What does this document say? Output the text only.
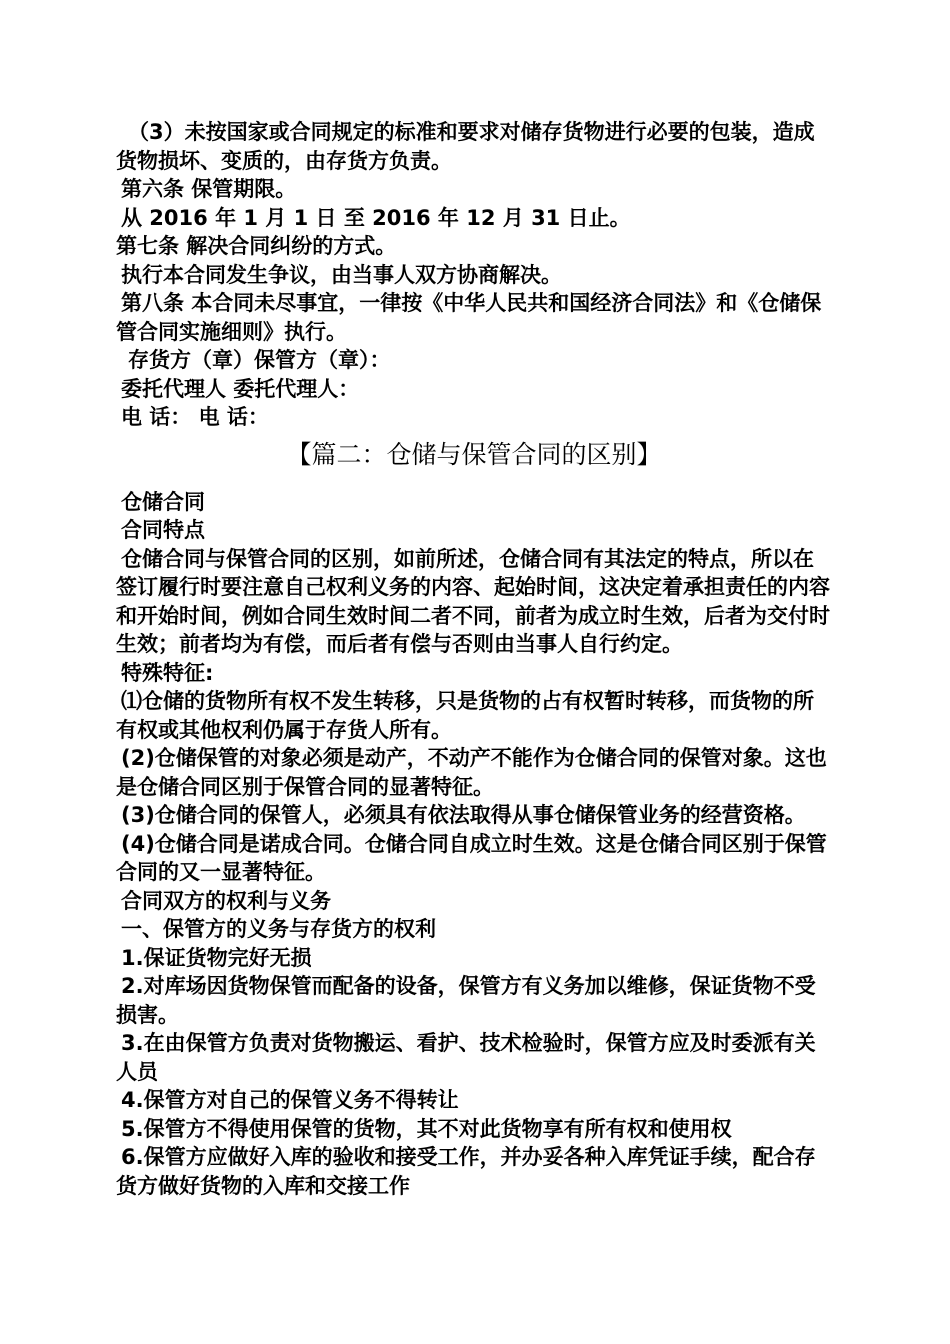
（3）未按国家或合同规定的标准和要求对储存货物进行必要的包装，造成货物损坏、变质的，由存货方负责。

第六条 保管期限。

从 2016 年 1 月 1 日 至 2016 年 12 月 31 日止。

第七条 解决合同纠纷的方式。

执行本合同发生争议，由当事人双方协商解决。

第八条 本合同未尽事宜，一律按《中华人民共和国经济合同法》和《仓储保管合同实施细则》执行。

存货方（章）保管方（章）：

委托代理人 委托代理人：

电 话： 电 话：

【篇二：仓储与保管合同的区别】

仓储合同

合同特点

仓储合同与保管合同的区别，如前所述，仓储合同有其法定的特点，所以在签订履行时要注意自己权利义务的内容、起始时间，这决定着承担责任的内容和开始时间，例如合同生效时间二者不同，前者为成立时生效，后者为交付时生效；前者均为有偿，而后者有偿与否则由当事人自行约定。

特殊特征:

⑴仓储的货物所有权不发生转移，只是货物的占有权暂时转移，而货物的所有权或其他权利仍属于存货人所有。

(2)仓储保管的对象必须是动产，不动产不能作为仓储合同的保管对象。这也是仓储合同区别于保管合同的显著特征。

(3)仓储合同的保管人，必须具有依法取得从事仓储保管业务的经营资格。

(4)仓储合同是诺成合同。仓储合同自成立时生效。这是仓储合同区别于保管合同的又一显著特征。

合同双方的权利与义务

一、保管方的义务与存货方的权利

1.保证货物完好无损

2.对库场因货物保管而配备的设备，保管方有义务加以维修，保证货物不受损害。

3.在由保管方负责对货物搬运、看护、技术检验时，保管方应及时委派有关人员

4.保管方对自己的保管义务不得转让

5.保管方不得使用保管的货物，其不对此货物享有所有权和使用权

6.保管方应做好入库的验收和接受工作，并办妥各种入库凭证手续，配合存货方做好货物的入库和交接工作
